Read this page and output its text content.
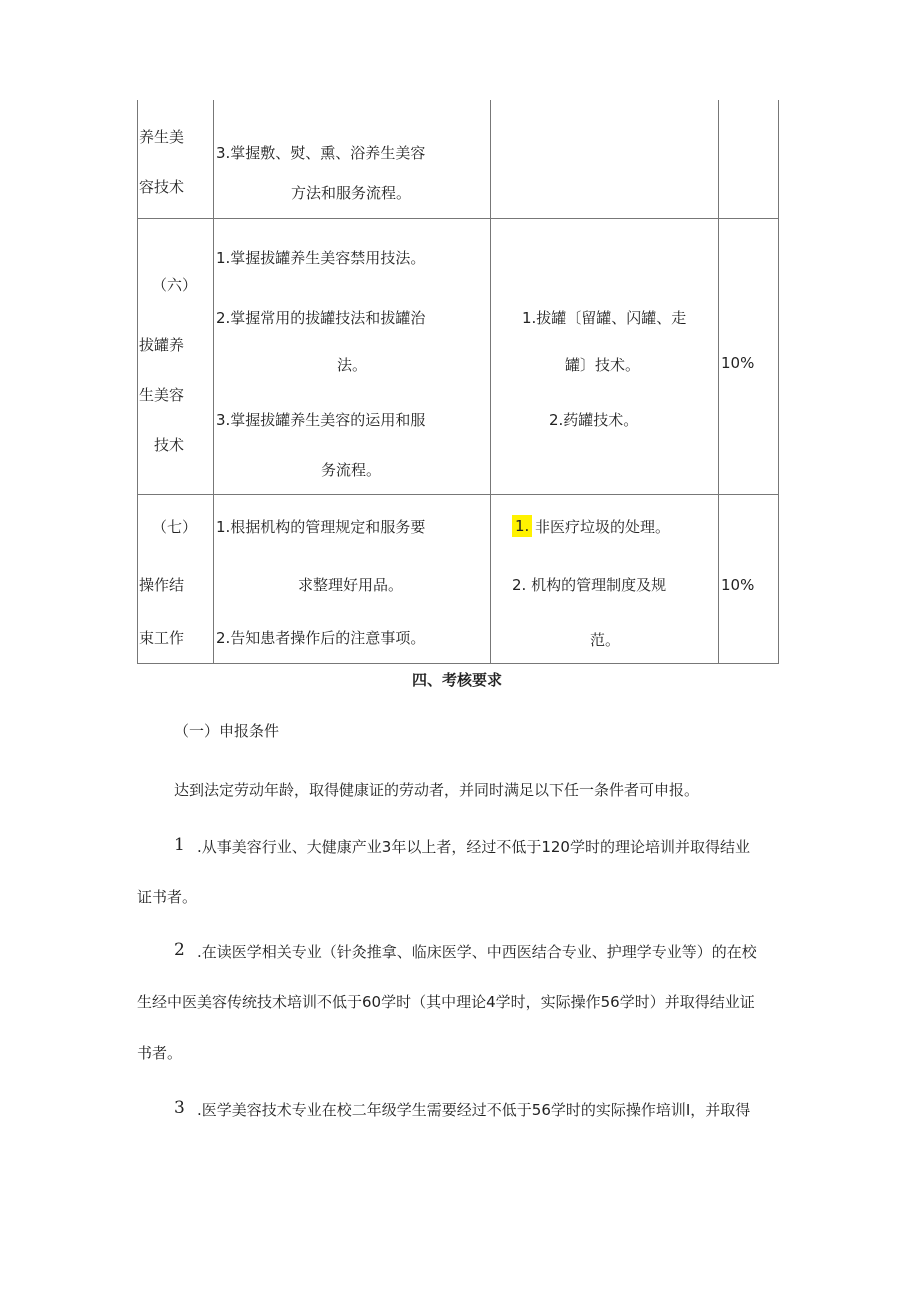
养生美
容技术
3.掌握敷、熨、熏、浴养生美容
方法和服务流程。
（六）
拔罐养
生美容
技术
1.掌握拔罐养生美容禁用技法。
2.掌握常用的拔罐技法和拔罐治
法。
3.掌握拔罐养生美容的运用和服
务流程。
1.拔罐〔留罐、闪罐、走
罐〕技术。
2.药罐技术。
10%
（七）
操作结
束工作
1.根据机构的管理规定和服务要
求整理好用品。
2.告知患者操作后的注意事项。
1. 非医疗垃圾的处理。
2. 机构的管理制度及规
范。
10%
四、考核要求
（一）申报条件
达到法定劳动年龄，取得健康证的劳动者，并同时满足以下任一条件者可申报。
1 .从事美容行业、大健康产业3年以上者，经过不低于120学时的理论培训并取得结业
证书者。
2 .在读医学相关专业（针灸推拿、临床医学、中西医结合专业、护理学专业等）的在校
生经中医美容传统技术培训不低于60学时（其中理论4学时，实际操作56学时）并取得结业证
书者。
3 .医学美容技术专业在校二年级学生需要经过不低于56学时的实际操作培训Ⅰ，并取得
